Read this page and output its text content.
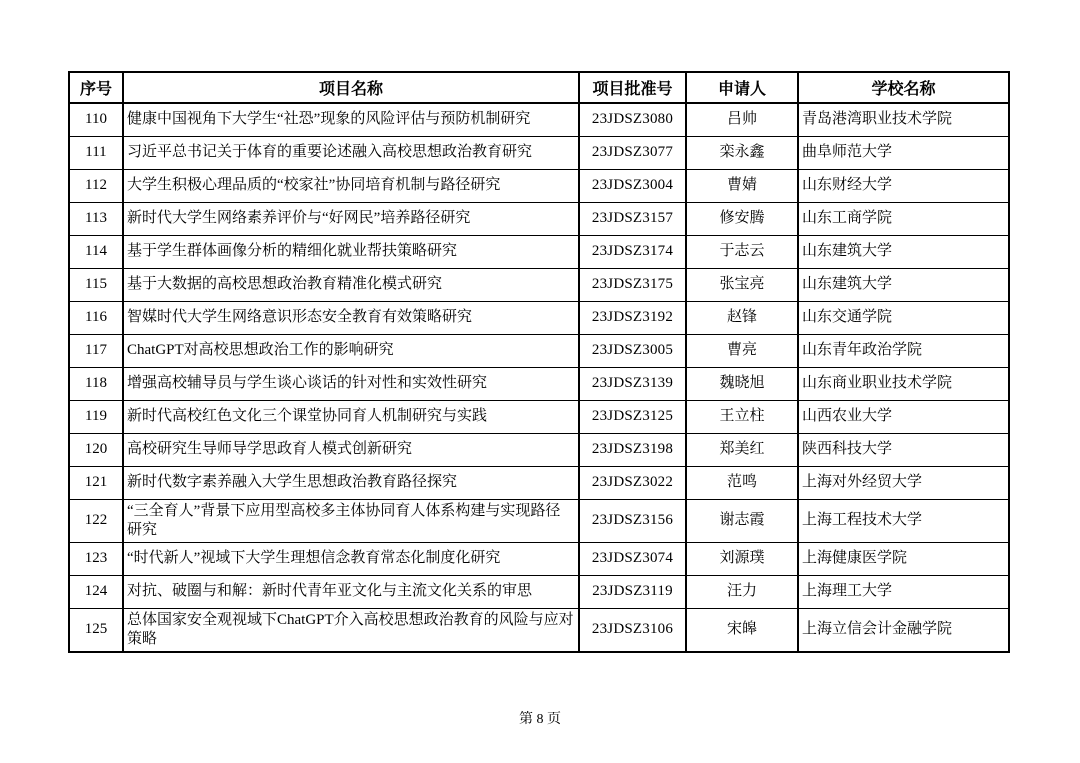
序号	项目名称	项目批准号	申请人	学校名称
110	健康中国视角下大学生“社恐”现象的风险评估与预防机制研究	23JDSZ3080	吕帅	青岛港湾职业技术学院
111	习近平总书记关于体育的重要论述融入高校思想政治教育研究	23JDSZ3077	栾永鑫	曲阜师范大学
112	大学生积极心理品质的“校家社”协同培育机制与路径研究	23JDSZ3004	曹婧	山东财经大学
113	新时代大学生网络素养评价与“好网民”培养路径研究	23JDSZ3157	修安腾	山东工商学院
114	基于学生群体画像分析的精细化就业帮扶策略研究	23JDSZ3174	于志云	山东建筑大学
115	基于大数据的高校思想政治教育精准化模式研究	23JDSZ3175	张宝亮	山东建筑大学
116	智媒时代大学生网络意识形态安全教育有效策略研究	23JDSZ3192	赵锋	山东交通学院
117	ChatGPT对高校思想政治工作的影响研究	23JDSZ3005	曹亮	山东青年政治学院
118	增强高校辅导员与学生谈心谈话的针对性和实效性研究	23JDSZ3139	魏晓旭	山东商业职业技术学院
119	新时代高校红色文化三个课堂协同育人机制研究与实践	23JDSZ3125	王立柱	山西农业大学
120	高校研究生导师导学思政育人模式创新研究	23JDSZ3198	郑美红	陕西科技大学
121	新时代数字素养融入大学生思想政治教育路径探究	23JDSZ3022	范鸣	上海对外经贸大学
122	“三全育人”背景下应用型高校多主体协同育人体系构建与实现路径研究	23JDSZ3156	谢志霞	上海工程技术大学
123	“时代新人”视域下大学生理想信念教育常态化制度化研究	23JDSZ3074	刘源璞	上海健康医学院
124	对抗、破圈与和解：新时代青年亚文化与主流文化关系的审思	23JDSZ3119	汪力	上海理工大学
125	总体国家安全观视域下ChatGPT介入高校思想政治教育的风险与应对策略	23JDSZ3106	宋皞	上海立信会计金融学院
第 8 页
